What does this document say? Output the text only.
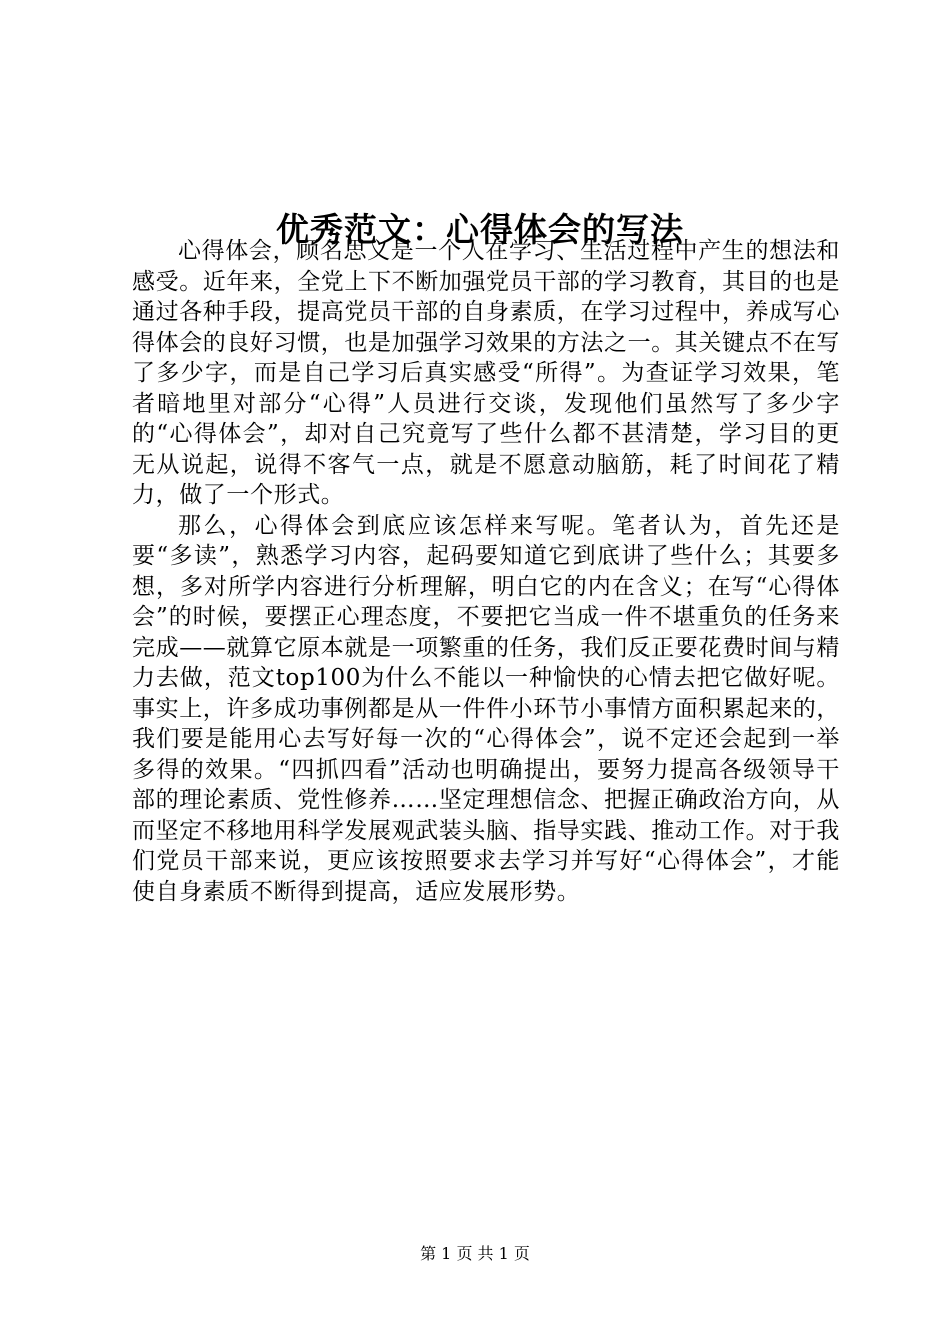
优秀范文：心得体会的写法

心得体会，顾名思义是一个人在学习、生活过程中产生的想法和感受。近年来，全党上下不断加强党员干部的学习教育，其目的也是通过各种手段，提高党员干部的自身素质，在学习过程中，养成写心得体会的良好习惯，也是加强学习效果的方法之一。其关键点不在写了多少字，而是自己学习后真实感受“所得”。为查证学习效果，笔者暗地里对部分“心得”人员进行交谈，发现他们虽然写了多少字的“心得体会”，却对自己究竟写了些什么都不甚清楚，学习目的更无从说起，说得不客气一点，就是不愿意动脑筋，耗了时间花了精力，做了一个形式。

那么，心得体会到底应该怎样来写呢。笔者认为，首先还是要“多读”，熟悉学习内容，起码要知道它到底讲了些什么；其要多想，多对所学内容进行分析理解，明白它的内在含义；在写“心得体会”的时候，要摆正心理态度，不要把它当成一件不堪重负的任务来完成——就算它原本就是一项繁重的任务，我们反正要花费时间与精力去做，范文top100为什么不能以一种愉快的心情去把它做好呢。事实上，许多成功事例都是从一件件小环节小事情方面积累起来的，我们要是能用心去写好每一次的“心得体会”，说不定还会起到一举多得的效果。“四抓四看”活动也明确提出，要努力提高各级领导干部的理论素质、党性修养……坚定理想信念、把握正确政治方向，从而坚定不移地用科学发展观武装头脑、指导实践、推动工作。对于我们党员干部来说，更应该按照要求去学习并写好“心得体会”，才能使自身素质不断得到提高，适应发展形势。

第 1 页 共 1 页
